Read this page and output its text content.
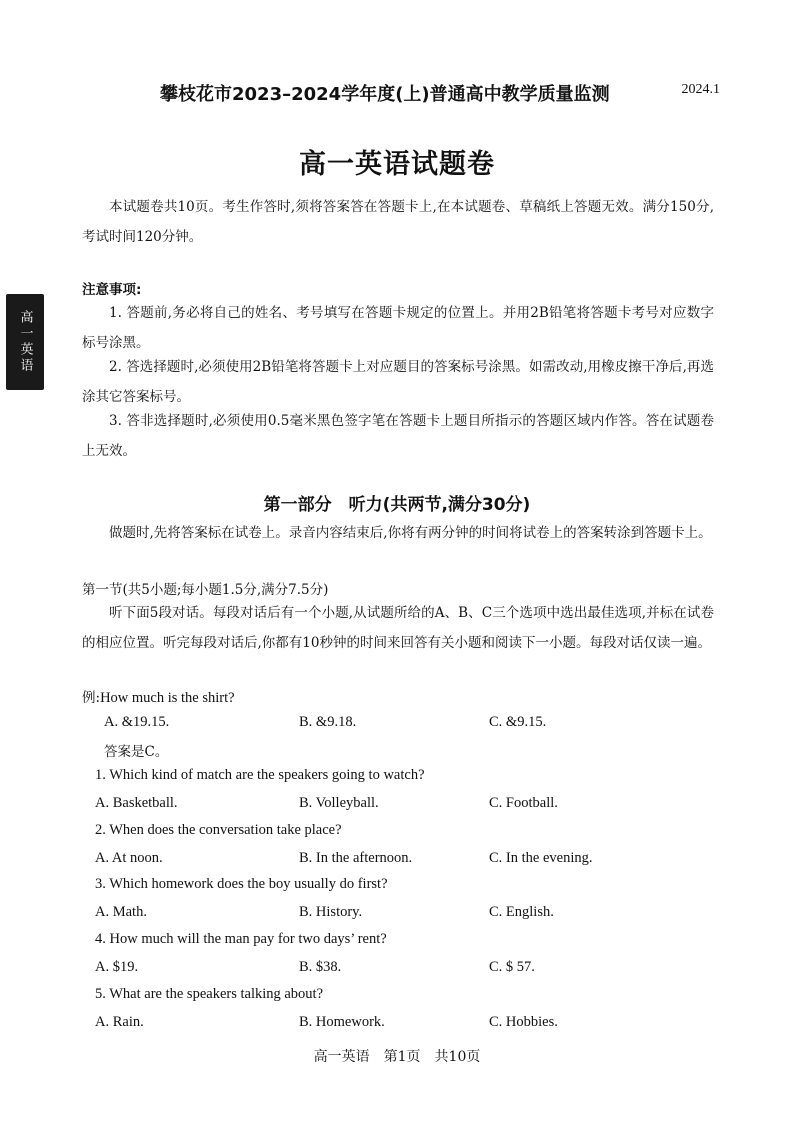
高一英语
攀枝花市2023–2024学年度(上)普通高中教学质量监测	2024.1
高一英语试题卷
本试题卷共10页。考生作答时,须将答案答在答题卡上,在本试题卷、草稿纸上答题无效。满分150分,考试时间120分钟。
注意事项:
1. 答题前,务必将自己的姓名、考号填写在答题卡规定的位置上。并用2B铅笔将答题卡考号对应数字标号涂黑。
2. 答选择题时,必须使用2B铅笔将答题卡上对应题目的答案标号涂黑。如需改动,用橡皮擦干净后,再选涂其它答案标号。
3. 答非选择题时,必须使用0.5毫米黑色签字笔在答题卡上题目所指示的答题区域内作答。答在试题卷上无效。
第一部分　听力(共两节,满分30分)
做题时,先将答案标在试卷上。录音内容结束后,你将有两分钟的时间将试卷上的答案转涂到答题卡上。
第一节(共5小题;每小题1.5分,满分7.5分)
听下面5段对话。每段对话后有一个小题,从试题所给的A、B、C三个选项中选出最佳选项,并标在试卷的相应位置。听完每段对话后,你都有10秒钟的时间来回答有关小题和阅读下一小题。每段对话仅读一遍。
例:How much is the shirt?
A. &19.15.	B. &9.18.	C. &9.15.
答案是C。
1. Which kind of match are the speakers going to watch?
A. Basketball.	B. Volleyball.	C. Football.
2. When does the conversation take place?
A. At noon.	B. In the afternoon.	C. In the evening.
3. Which homework does the boy usually do first?
A. Math.	B. History.	C. English.
4. How much will the man pay for two days’ rent?
A. $19.	B. $38.	C. $ 57.
5. What are the speakers talking about?
A. Rain.	B. Homework.	C. Hobbies.
高一英语　第1页　共10页
